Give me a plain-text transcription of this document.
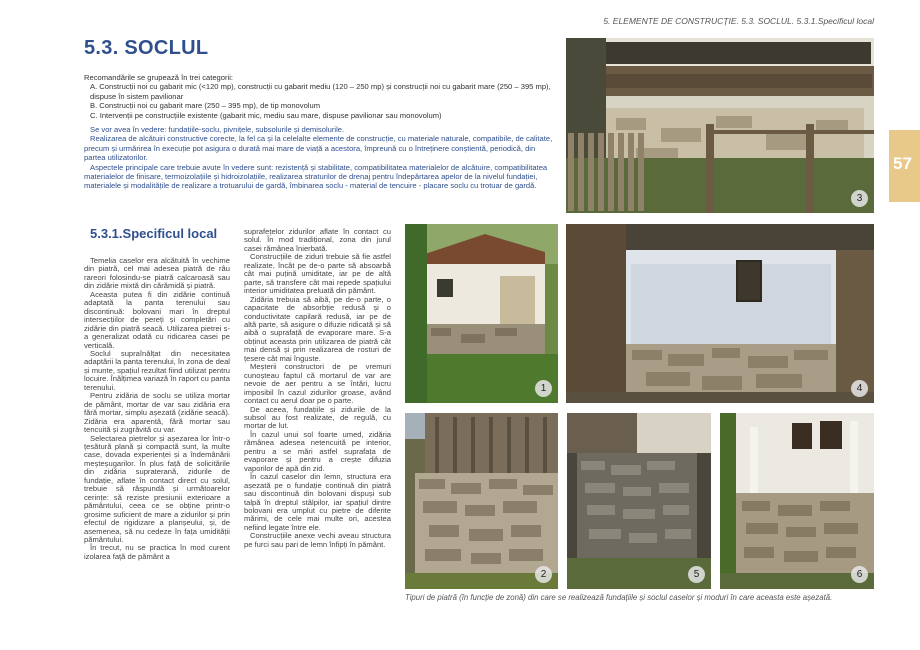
5. ELEMENTE DE CONSTRUCȚIE. 5.3. SOCLUL. 5.3.1.Specificul local
5.3. SOCLUL

Recomandările se grupează în trei categorii:

A. Construcții noi cu gabarit mic (<120 mp), construcții cu gabarit mediu (120 – 250 mp) și construcții noi cu gabarit mare (250 – 395 mp), dispuse în sistem pavilionar

B. Construcții noi cu gabarit mare (250 – 395 mp), de tip monovolum

C. Intervenții pe construcțiile existente (gabarit mic, mediu sau mare, dispuse pavilionar sau monovolum)

Se vor avea în vedere: fundațiile-soclu, pivnițele, subsolurile și demisolurile.

Realizarea de alcătuiri constructive corecte, la fel ca și la celelalte elemente de construcție, cu materiale naturale, compatibile, de calitate, precum și urmărirea în execuție pot asigura o durată mai mare de viață a acestora, împreună cu o întreținere conștientă, periodică, din partea utilizatorilor.

Aspectele principale care trebuie avute în vedere sunt: rezistență și stabilitate, compatibilitatea materialelor de alcătuire, compatibilitatea materialelor de finisare, termoizolațiile și hidroizolațiile, realizarea straturilor de drenaj pentru îndepărtarea apelor de la nivelul fundației, materialele și modalitățile de realizare a trotuarului de gardă, îmbinarea soclu - material de tencuire - placare soclu cu trotuar de gardă.

5.3.1.Specificul local

Temelia caselor era alcătuită în vechime din piatră, cel mai adesea piatră de râu rareori folosindu-se piatră calcaroasă sau din zidărie mixtă din cărămidă și piatră.

Aceasta putea fi din zidărie continuă adaptată la panta terenului sau discontinuă: bolovani mari în dreptul intersecțiilor de pereți și completări cu zidărie din piatră seacă. Utilizarea pietrei s-a generalizat odată cu ridicarea casei pe verticală.

Soclul supraînălțat din necesitatea adaptării la panta terenului, în zona de deal și munte, spațiul rezultat fiind utilizat pentru locuire. Înălțimea variază în raport cu panta terenului.

Pentru zidăria de soclu se utiliza mortar de pământ, mortar de var sau zidăria era fără mortar, simplu așezată (zidărie seacă). Zidăria era aparentă, fără mortar sau tencuită și zugrăvită cu var.

Selectarea pietrelor și așezarea lor într-o țesătură plană și compactă sunt, la multe case, dovada experienței și a îndemânării meșteșugarilor. În plus față de solicitările din zidăria supraterană, zidurile de fundație, aflate în contact direct cu solul, trebuie să răspundă și următoarelor cerințe: să reziste presiunii exterioare a pământului, ceea ce se obține printr-o grosime suficient de mare a zidurilor și prin efectul de rigidizare a planșeului, și, de asemenea, să nu cedeze în fața umidității pământului.

În trecut, nu se practica în mod curent izolarea față de pământ a

suprafețelor zidurilor aflate în contact cu solul. În mod tradițional, zona din jurul casei rămânea înierbată.

Construcțiile de ziduri trebuie să fie astfel realizate, încât pe de-o parte să absoarbă cât mai puțină umiditate, iar pe de altă parte, să transfere cât mai repede spațiului interior umiditatea preluată din pământ.

Zidăria trebuia să aibă, pe de-o parte, o capacitate de absorbție redusă și o conductivitate capilară redusă, iar pe de altă parte, să asigure o difuzie ridicată și să aibă o suprafață de evaporare mare. S-a obținut aceasta prin utilizarea de piatră cât mai densă și prin realizarea de rosturi de țesere cât mai înguste.

Meșterii constructori de pe vremuri cunoșteau faptul că mortarul de var are nevoie de aer pentru a se întări, lucru imposibil în cazul zidurilor groase, având contact cu aerul doar pe o parte.

De aceea, fundațiile și zidurile de la subsol au fost realizate, de regulă, cu mortar de lut.

În cazul unui sol foarte umed, zidăria rămânea adesea netencuită pe interior, pentru a se mări astfel suprafața de evaporare și pentru a crește difuzia vaporilor de apă din zid.

În cazul caselor din lemn, structura era așezată pe o fundație continuă din piatră sau discontinuă din bolovani dispuși sub talpă în dreptul stâlpilor, iar spațiul dintre bolovani era umplut cu pietre de diferite mărimi, de cele mai multe ori, acestea nefiind legate între ele.

Construcțiile anexe vechi aveau structura pe furci sau pari de lemn înfipți în pământ.

57
3
1	4
2	5	6
Tipuri de piatră (în funcție de zonă) din care se realizează fundațiile și soclul caselor și moduri în care aceasta este așezată.
